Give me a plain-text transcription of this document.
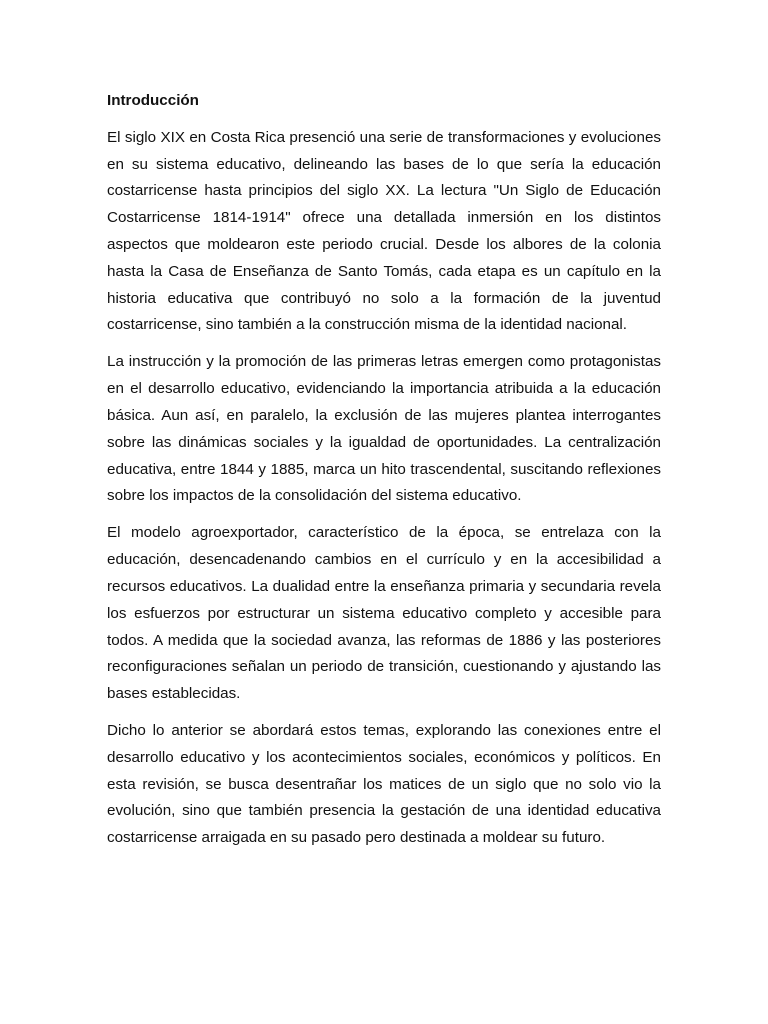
Introducción

El siglo XIX en Costa Rica presenció una serie de transformaciones y evoluciones en su sistema educativo, delineando las bases de lo que sería la educación costarricense hasta principios del siglo XX. La lectura "Un Siglo de Educación Costarricense 1814-1914" ofrece una detallada inmersión en los distintos aspectos que moldearon este periodo crucial. Desde los albores de la colonia hasta la Casa de Enseñanza de Santo Tomás, cada etapa es un capítulo en la historia educativa que contribuyó no solo a la formación de la juventud costarricense, sino también a la construcción misma de la identidad nacional.

La instrucción y la promoción de las primeras letras emergen como protagonistas en el desarrollo educativo, evidenciando la importancia atribuida a la educación básica. Aun así, en paralelo, la exclusión de las mujeres plantea interrogantes sobre las dinámicas sociales y la igualdad de oportunidades. La centralización educativa, entre 1844 y 1885, marca un hito trascendental, suscitando reflexiones sobre los impactos de la consolidación del sistema educativo.

El modelo agroexportador, característico de la época, se entrelaza con la educación, desencadenando cambios en el currículo y en la accesibilidad a recursos educativos. La dualidad entre la enseñanza primaria y secundaria revela los esfuerzos por estructurar un sistema educativo completo y accesible para todos. A medida que la sociedad avanza, las reformas de 1886 y las posteriores reconfiguraciones señalan un periodo de transición, cuestionando y ajustando las bases establecidas.

Dicho lo anterior se abordará estos temas, explorando las conexiones entre el desarrollo educativo y los acontecimientos sociales, económicos y políticos. En esta revisión, se busca desentrañar los matices de un siglo que no solo vio la evolución, sino que también presencia la gestación de una identidad educativa costarricense arraigada en su pasado pero destinada a moldear su futuro.
